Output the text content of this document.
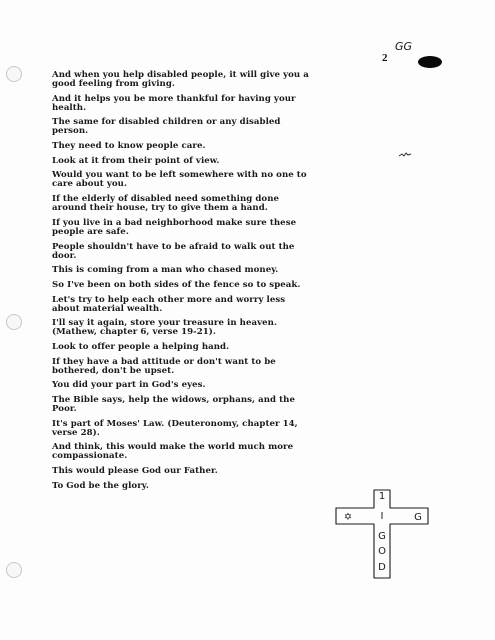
GG
2

And when you help disabled people, it will give you a
good feeling from giving.

And it helps you be more thankful for having your
health.

The same for disabled children or any disabled
person.

They need to know people care.

Look at it from their point of view.

Would you want to be left somewhere with no one to
care about you.

If the elderly of disabled need something done
around their house, try to give them a hand.

If you live in a bad neighborhood make sure these
people are safe.

People shouldn't have to be afraid to walk out the
door.

This is coming from a man who chased money.

So I've been on both sides of the fence so to speak.

Let's try to help each other more and worry less
about material wealth.

I'll say it again, store your treasure in heaven.
(Mathew, chapter 6, verse 19-21).

Look to offer people a helping hand.

If they have a bad attitude or don't want to be
bothered, don't be upset.

You did your part in God's eyes.

The Bible says, help the widows, orphans, and the
Poor.

It's part of Moses' Law. (Deuteronomy, chapter 14,
verse 28).

And think, this would make the world much more
compassionate.

This would please God our Father.

To God be the glory.

1
I
✡	G
G
O
D
